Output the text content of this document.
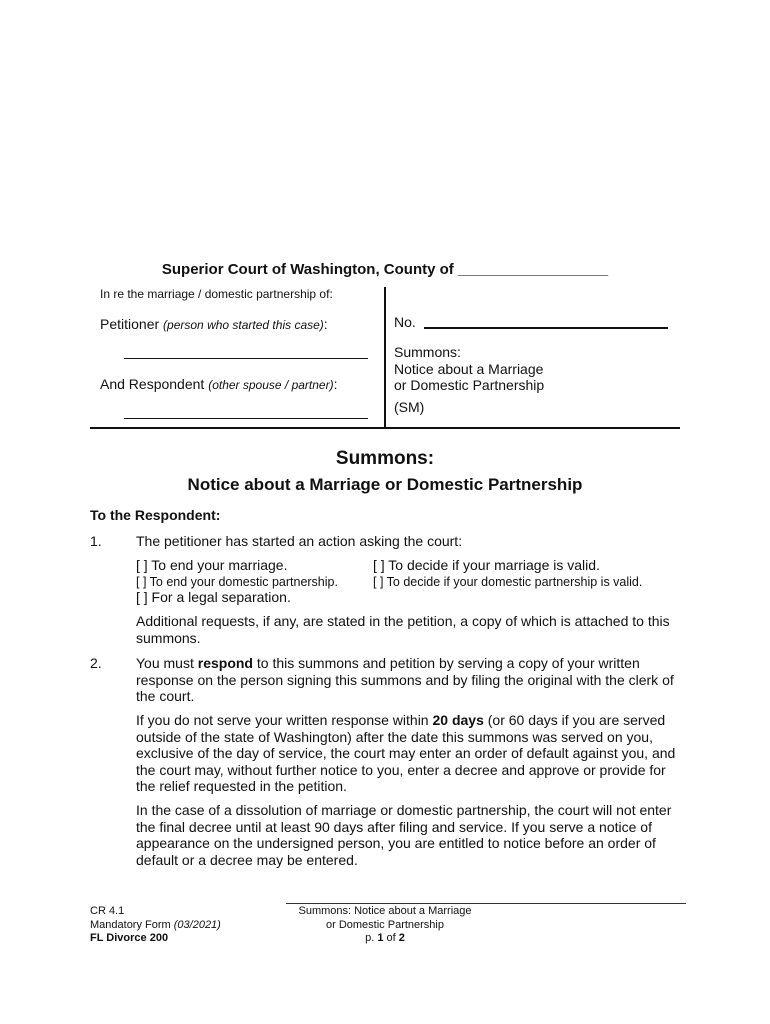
Superior Court of Washington, County of __________________
In re the marriage / domestic partnership of:
Petitioner (person who started this case):
And Respondent (other spouse / partner):
No.
Summons:
Notice about a Marriage
or Domestic Partnership
(SM)
Summons:
Notice about a Marriage or Domestic Partnership
To the Respondent:
1. The petitioner has started an action asking the court:
[ ] To end your marriage.
[ ] To end your domestic partnership.
[ ] For a legal separation.
[ ] To decide if your marriage is valid.
[ ] To decide if your domestic partnership is valid.
Additional requests, if any, are stated in the petition, a copy of which is attached to this
summons.
2. You must respond to this summons and petition by serving a copy of your written
response on the person signing this summons and by filing the original with the clerk of
the court.
If you do not serve your written response within 20 days (or 60 days if you are served
outside of the state of Washington) after the date this summons was served on you,
exclusive of the day of service, the court may enter an order of default against you, and
the court may, without further notice to you, enter a decree and approve or provide for
the relief requested in the petition.
In the case of a dissolution of marriage or domestic partnership, the court will not enter
the final decree until at least 90 days after filing and service. If you serve a notice of
appearance on the undersigned person, you are entitled to notice before an order of
default or a decree may be entered.
CR 4.1
Mandatory Form (03/2021)
FL Divorce 200
Summons: Notice about a Marriage
or Domestic Partnership
p. 1 of 2
